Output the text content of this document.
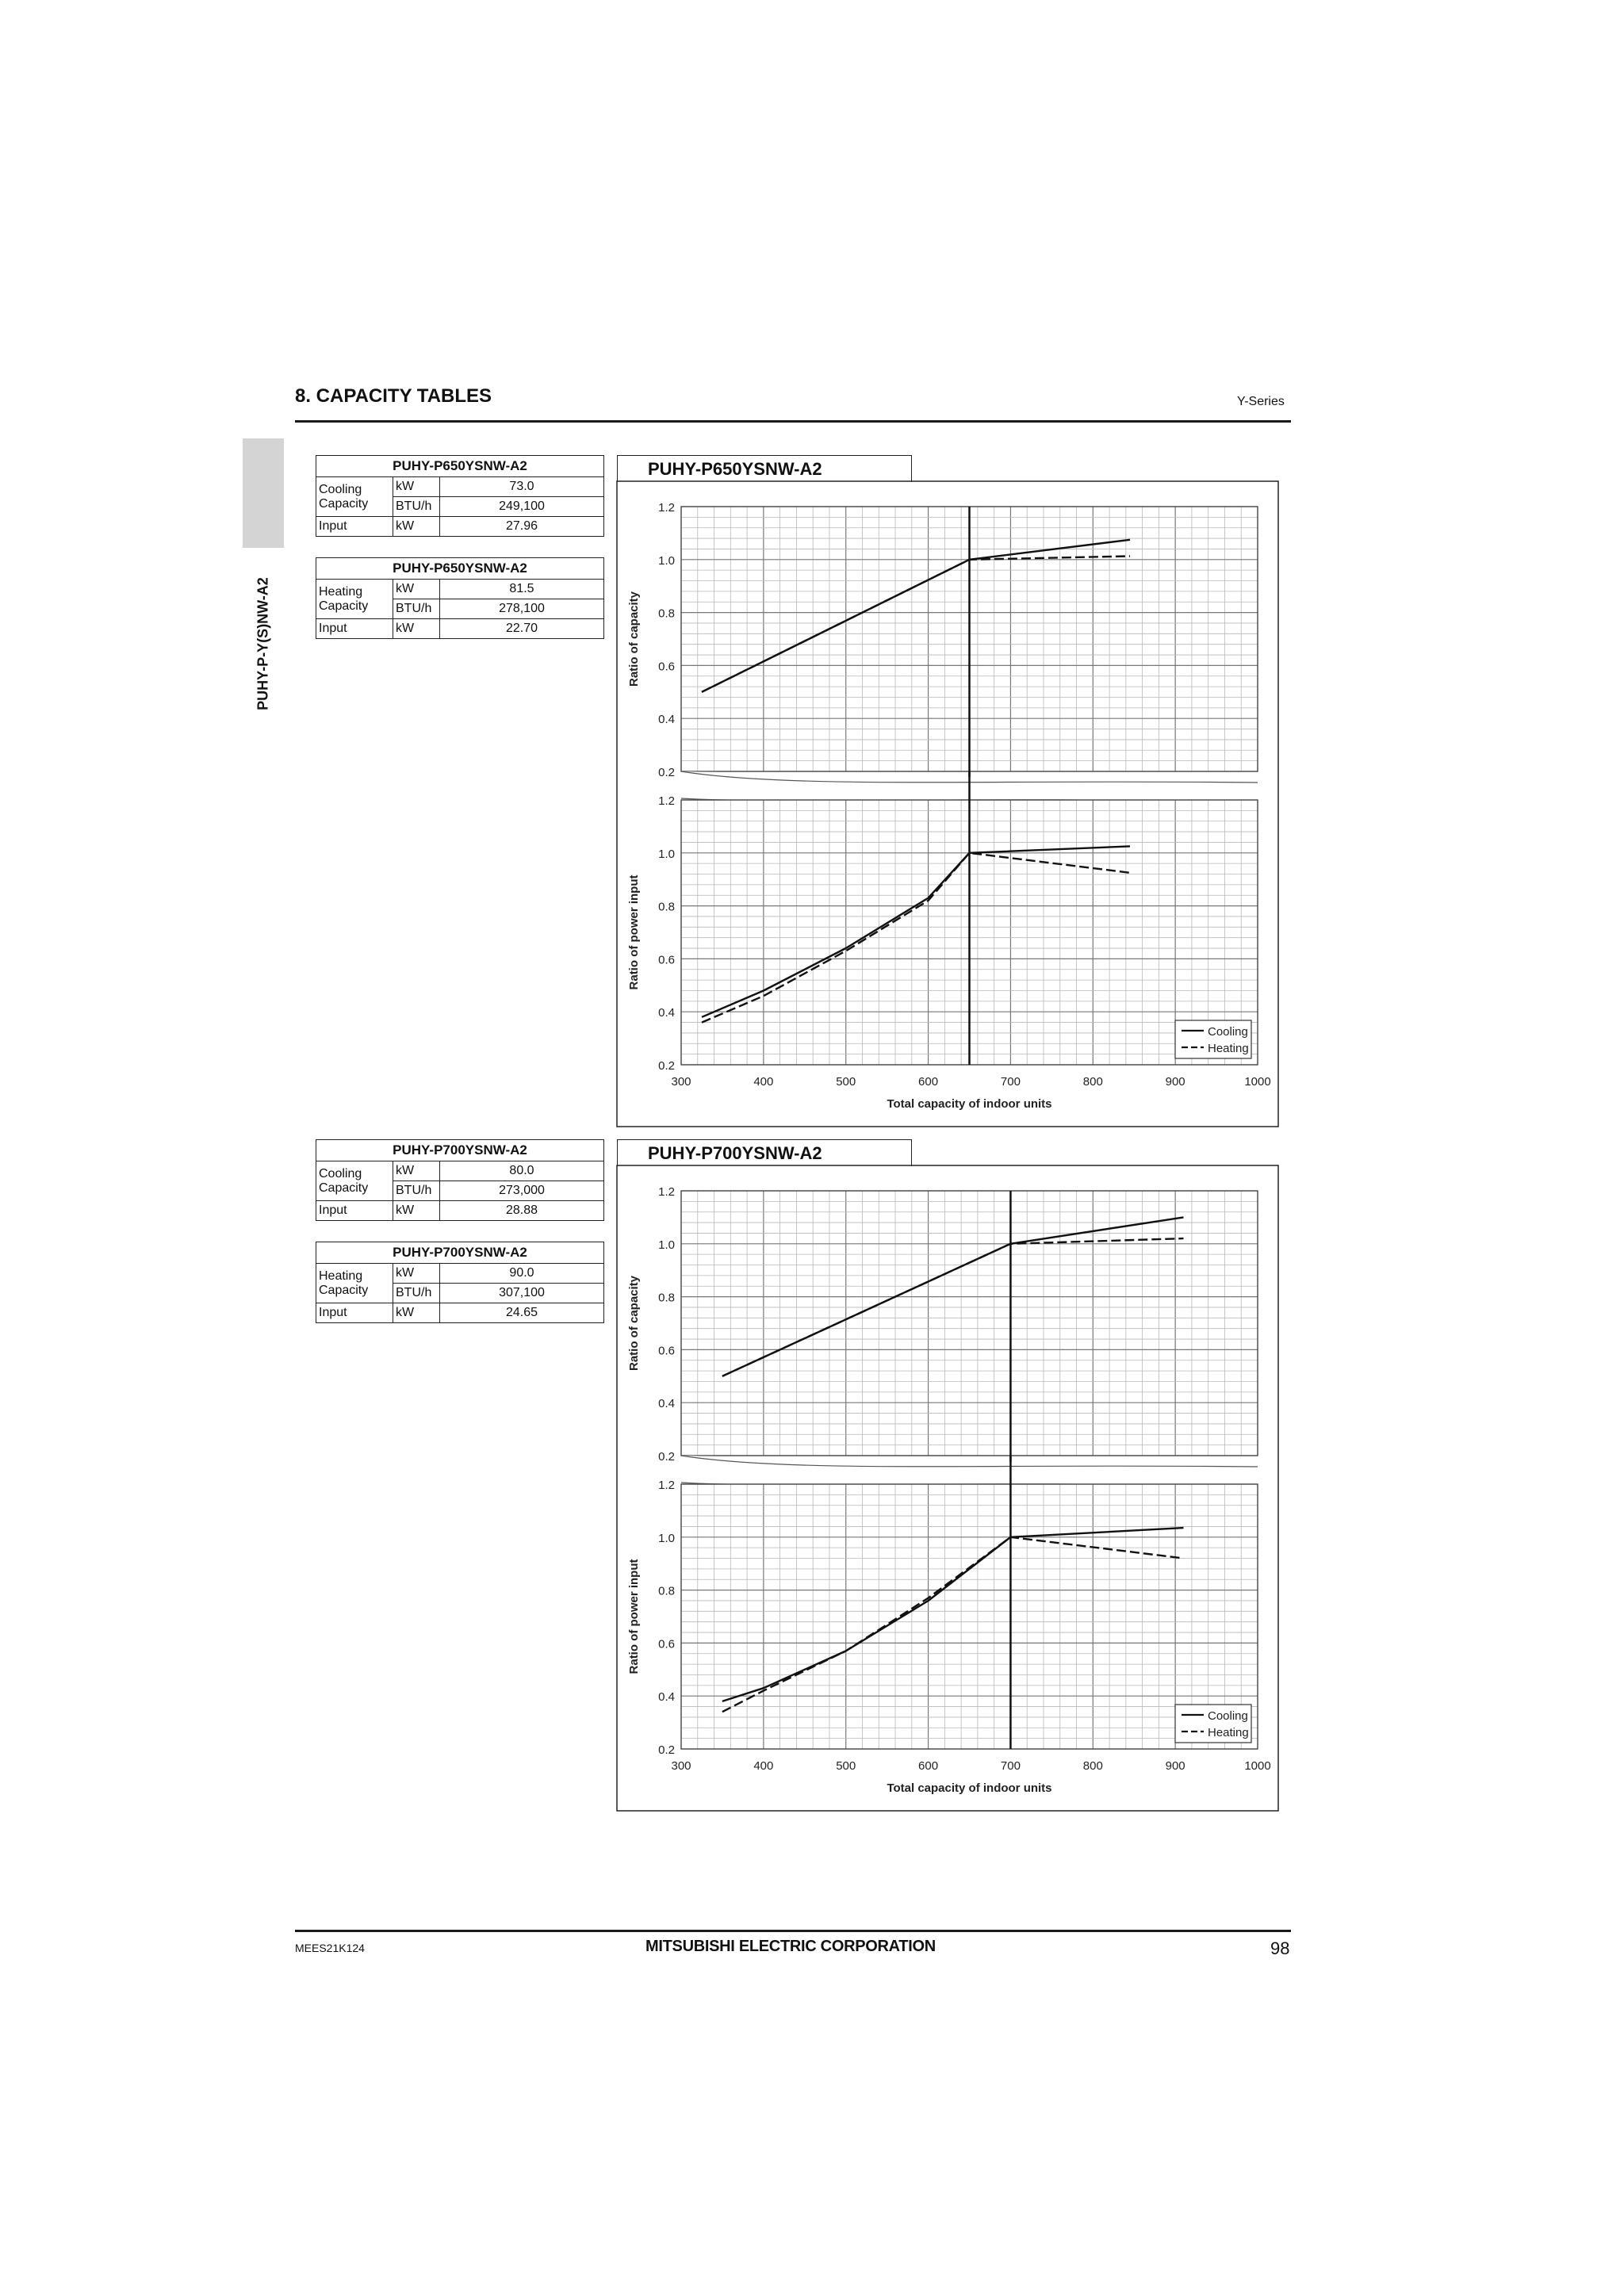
8. CAPACITY TABLES	Y-Series
PUHY-P-Y(S)NW-A2
PUHY-P650YSNW-A2		
Cooling
Capacity	kW	73.0
	BTU/h	249,100
Input	kW	27.96
PUHY-P650YSNW-A2		
Heating
Capacity	kW	81.5
	BTU/h	278,100
Input	kW	22.70
PUHY-P700YSNW-A2		
Cooling
Capacity	kW	80.0
	BTU/h	273,000
Input	kW	28.88
PUHY-P700YSNW-A2		
Heating
Capacity	kW	90.0
	BTU/h	307,100
Input	kW	24.65
PUHY-P650YSNW-A2
0.2
0.4
0.6
0.8
1.0
1.2
Ratio of capacity
0.2
0.4
0.6
0.8
1.0
1.2
Ratio of power input
300	400	500	600	700	800	900	1000
Total capacity of indoor units
Cooling
Heating
PUHY-P700YSNW-A2
0.2
0.4
0.6
0.8
1.0
1.2
Ratio of capacity
0.2
0.4
0.6
0.8
1.0
1.2
Ratio of power input
300	400	500	600	700	800	900	1000
Total capacity of indoor units
Cooling
Heating
MEES21K124	MITSUBISHI ELECTRIC CORPORATION	98
